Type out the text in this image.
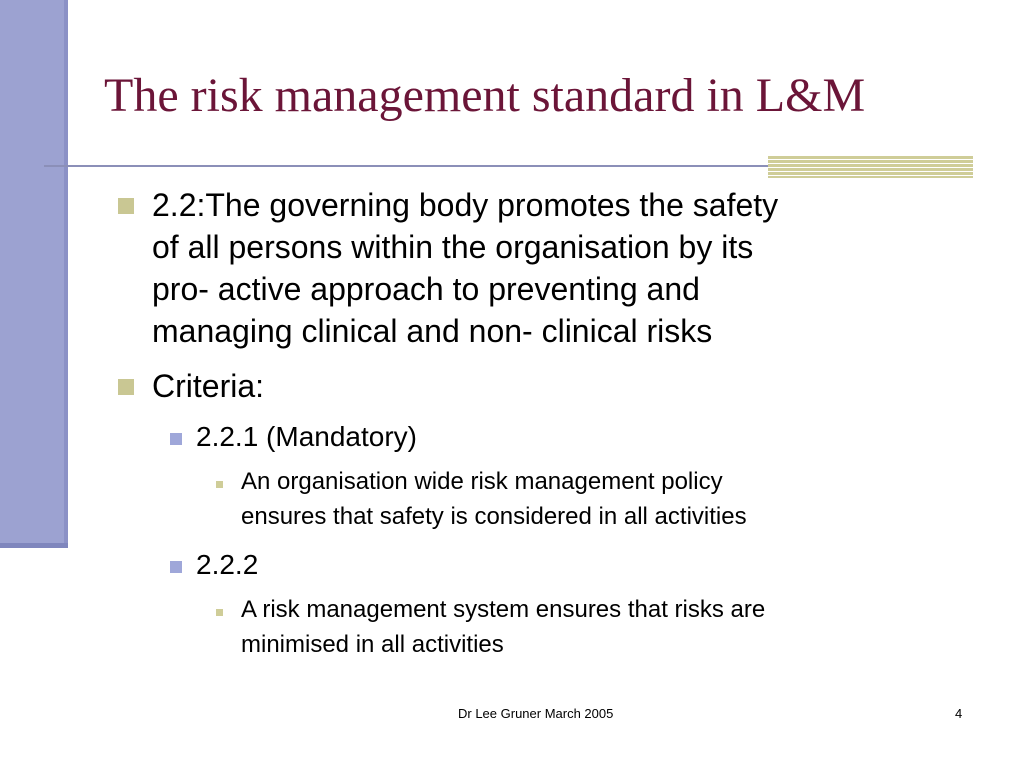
The risk management standard in L&M
2.2:The governing body promotes the safety
of all persons within the organisation by its
pro- active approach to preventing and
managing clinical and non- clinical risks
Criteria:
2.2.1 (Mandatory)
An organisation wide risk management policy
ensures that safety is considered in all activities
2.2.2
A risk management system ensures that risks are
minimised in all activities
Dr Lee Gruner March 2005	4
